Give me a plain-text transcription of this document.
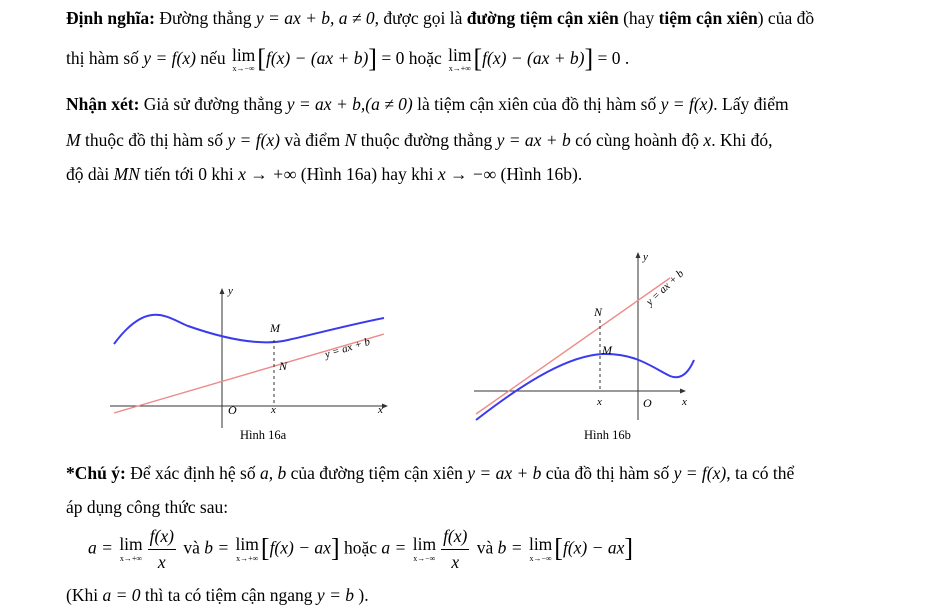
Định nghĩa: Đường thẳng y = ax + b, a ≠ 0, được gọi là đường tiệm cận xiên (hay tiệm cận xiên) của đồ
thị hàm số y = f(x) nếu lim
x→−∞ [f(x) − (ax + b)] = 0 hoặc lim
x→+∞ [f(x) − (ax + b)] = 0 .
Nhận xét: Giả sử đường thẳng y = ax + b,(a ≠ 0) là tiệm cận xiên của đồ thị hàm số y = f(x). Lấy điểm
M thuộc đồ thị hàm số y = f(x) và điểm N thuộc đường thẳng y = ax + b có cùng hoành độ x. Khi đó,
độ dài MN tiến tới 0 khi x → +∞ (Hình 16a) hay khi x → −∞ (Hình 16b).
y
M
N
y = ax + b
O	x	x
Hình 16a
y
N
M
y = ax + b
x	O	x
Hình 16b
*Chú ý: Để xác định hệ số a, b của đường tiệm cận xiên y = ax + b của đồ thị hàm số y = f(x), ta có thể
áp dụng công thức sau:
a = lim
$x\to+\infty \frac{f(x)}{x}$ và b = lim
x→+∞ [f(x) − ax] hoặc a = lim
$x\to-\infty \frac{f(x)}{x}$ và b = lim
x→−∞ [f(x) − ax]
(Khi a = 0 thì ta có tiệm cận ngang y = b ).
